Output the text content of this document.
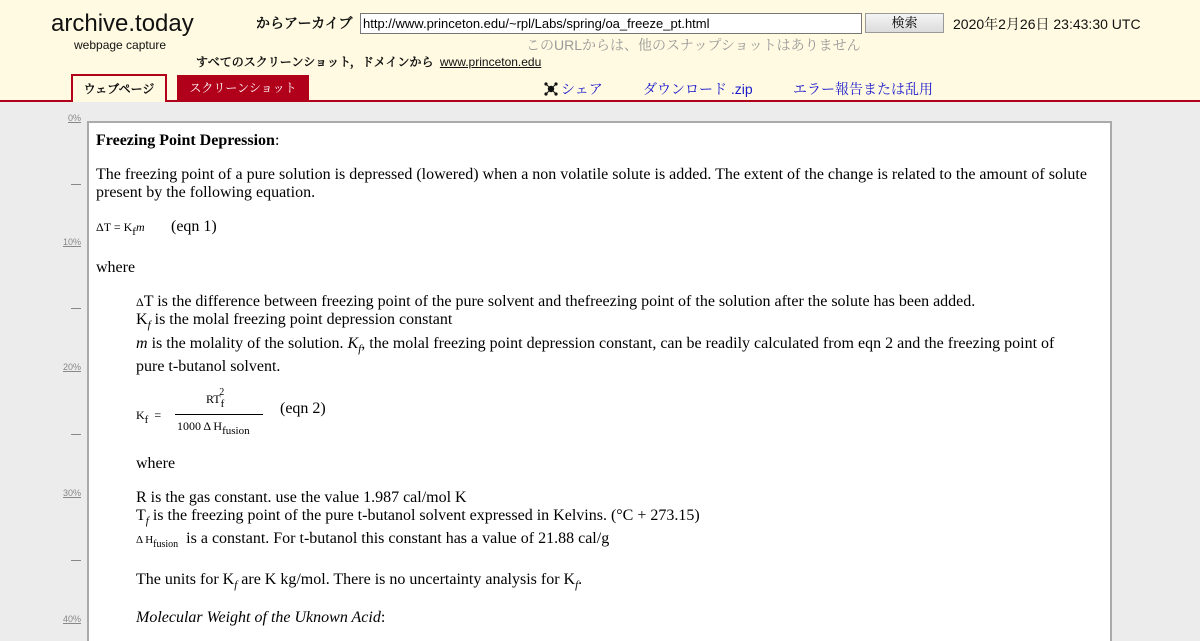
archive.today
webpage capture
からアーカイブ
http://www.princeton.edu/~rpl/Labs/spring/oa_freeze_pt.html	検索	2020年2月26日 23:43:30 UTC
このURLからは、他のスナップショットはありません
すべてのスクリーンショット，ドメインから www.princeton.edu
ウェブページ	スクリーンショット	シェア	ダウンロード .zip	エラー報告または乱用
0%
10%
20%
30%
40%
Freezing Point Depression:
The freezing point of a pure solution is depressed (lowered) when a non volatile solute is added. The extent of the change is related to the amount of solute present by the following equation.
$\Delta T = K_fm$ (eqn 1)
where
ΔT is the difference between freezing point of the pure solvent and thefreezing point of the solution after the solute has been added.
$K_f$ is the molal freezing point depression constant
m is the molality of the solution. $K_f$, the molal freezing point depression constant, can be readily calculated from eqn 2 and the freezing point of pure t-butanol solvent.
Kf  =
RTf$^2$
1000 Δ Hfusion
(eqn 2)
where
R is the gas constant. use the value 1.987 cal/mol K
$T_f$ is the freezing point of the pure t-butanol solvent expressed in Kelvins. (°C + 273.15)
Δ $H_{fusion}$ is a constant. For t-butanol this constant has a value of 21.88 cal/g
The units for $K_f$ are K kg/mol. There is no uncertainty analysis for $K_f$.
Molecular Weight of the Uknown Acid:
